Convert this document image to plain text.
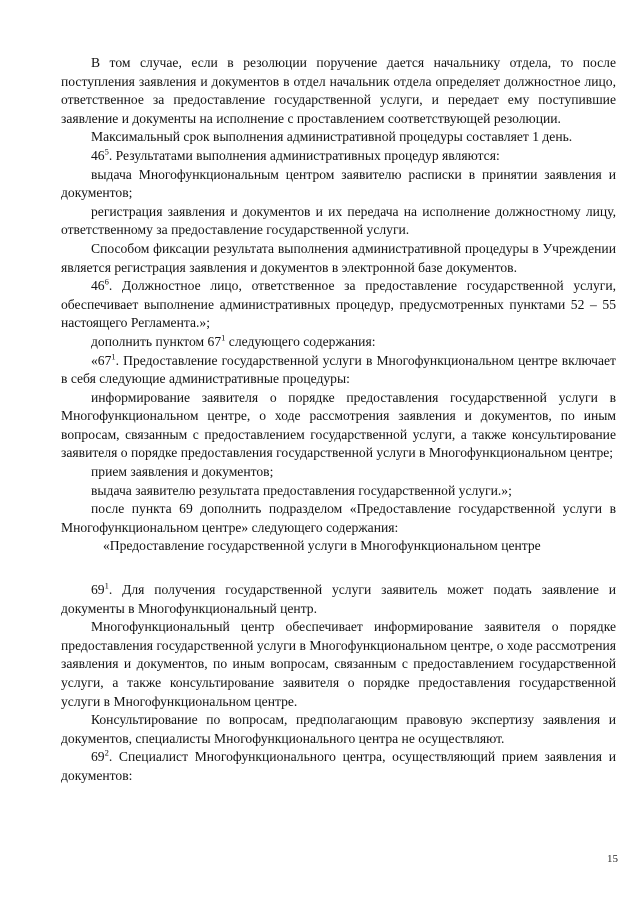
В том случае, если в резолюции поручение дается начальнику отдела, то после поступления заявления и документов в отдел начальник отдела определяет должностное лицо, ответственное за предоставление государственной услуги, и передает ему поступившие заявление и документы на исполнение с проставлением соответствующей резолюции.

Максимальный срок выполнения административной процедуры составляет 1 день.

$46^5$. Результатами выполнения административных процедур являются:

выдача Многофункциональным центром заявителю расписки в принятии заявления и документов;

регистрация заявления и документов и их передача на исполнение должностному лицу, ответственному за предоставление государственной услуги.

Способом фиксации результата выполнения административной процедуры в Учреждении является регистрация заявления и документов в электронной базе документов.

$46^6$. Должностное лицо, ответственное за предоставление государственной услуги, обеспечивает выполнение административных процедур, предусмотренных пунктами 52 – 55 настоящего Регламента.»;

дополнить пунктом $67^1$ следующего содержания:

«$67^1$. Предоставление государственной услуги в Многофункциональном центре включает в себя следующие административные процедуры:

информирование заявителя о порядке предоставления государственной услуги в Многофункциональном центре, о ходе рассмотрения заявления и документов, по иным вопросам, связанным с предоставлением государственной услуги, а также консультирование заявителя о порядке предоставления государственной услуги в Многофункциональном центре;

прием заявления и документов;

выдача заявителю результата предоставления государственной услуги.»;

после пункта 69 дополнить подразделом «Предоставление государственной услуги в Многофункциональном центре» следующего содержания:

«Предоставление государственной услуги в Многофункциональном центре

$69^1$. Для получения государственной услуги заявитель может подать заявление и документы в Многофункциональный центр.

Многофункциональный центр обеспечивает информирование заявителя о порядке предоставления государственной услуги в Многофункциональном центре, о ходе рассмотрения заявления и документов, по иным вопросам, связанным с предоставлением государственной услуги, а также консультирование заявителя о порядке предоставления государственной услуги в Многофункциональном центре.

Консультирование по вопросам, предполагающим правовую экспертизу заявления и документов, специалисты Многофункционального центра не осуществляют.

$69^2$. Специалист Многофункционального центра, осуществляющий прием заявления и документов:

15
